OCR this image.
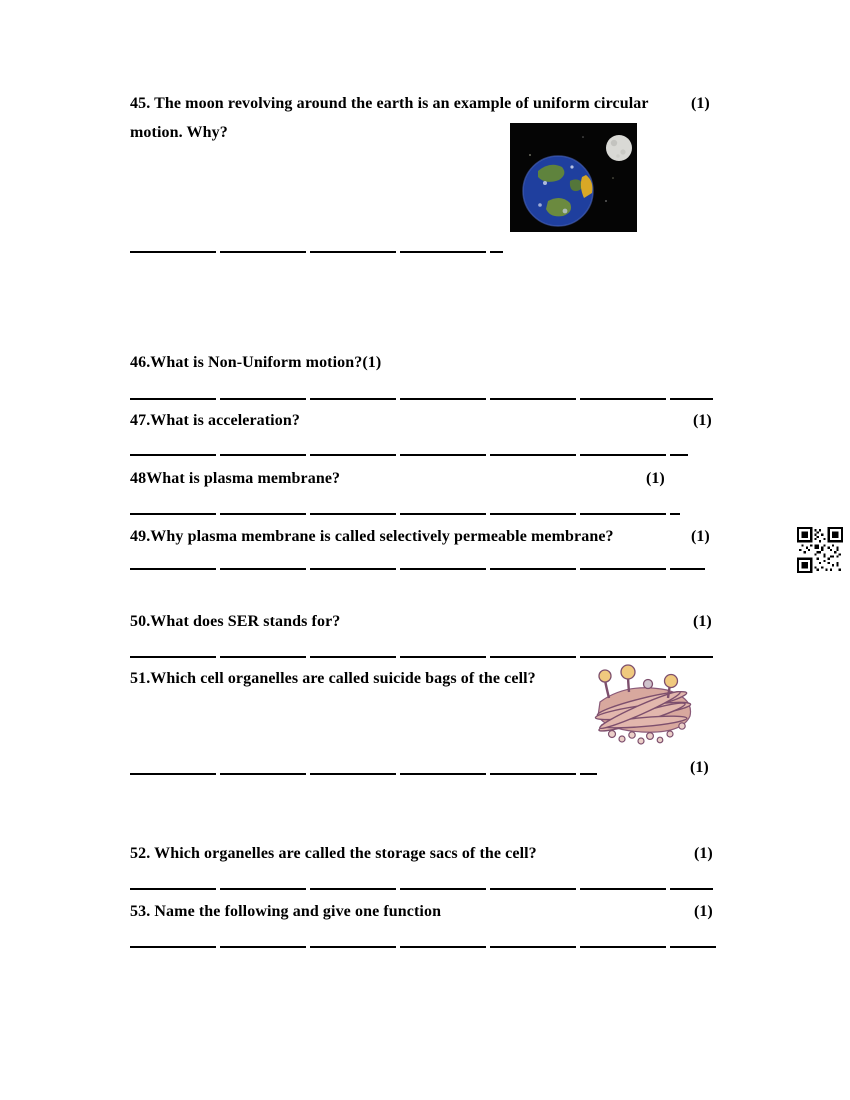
45. The moon revolving around the earth is an example of uniform circular	(1)
motion. Why?
46.What is Non-Uniform motion?(1)
47.What is acceleration?	(1)
48What is plasma membrane?	(1)
49.Why plasma membrane is called selectively permeable membrane?	(1)
50.What does SER stands for?	(1)
51.Which cell organelles are called suicide bags of the cell?
(1)
52. Which organelles are called the storage sacs of the cell?	(1)
53. Name the following and give one function	(1)
